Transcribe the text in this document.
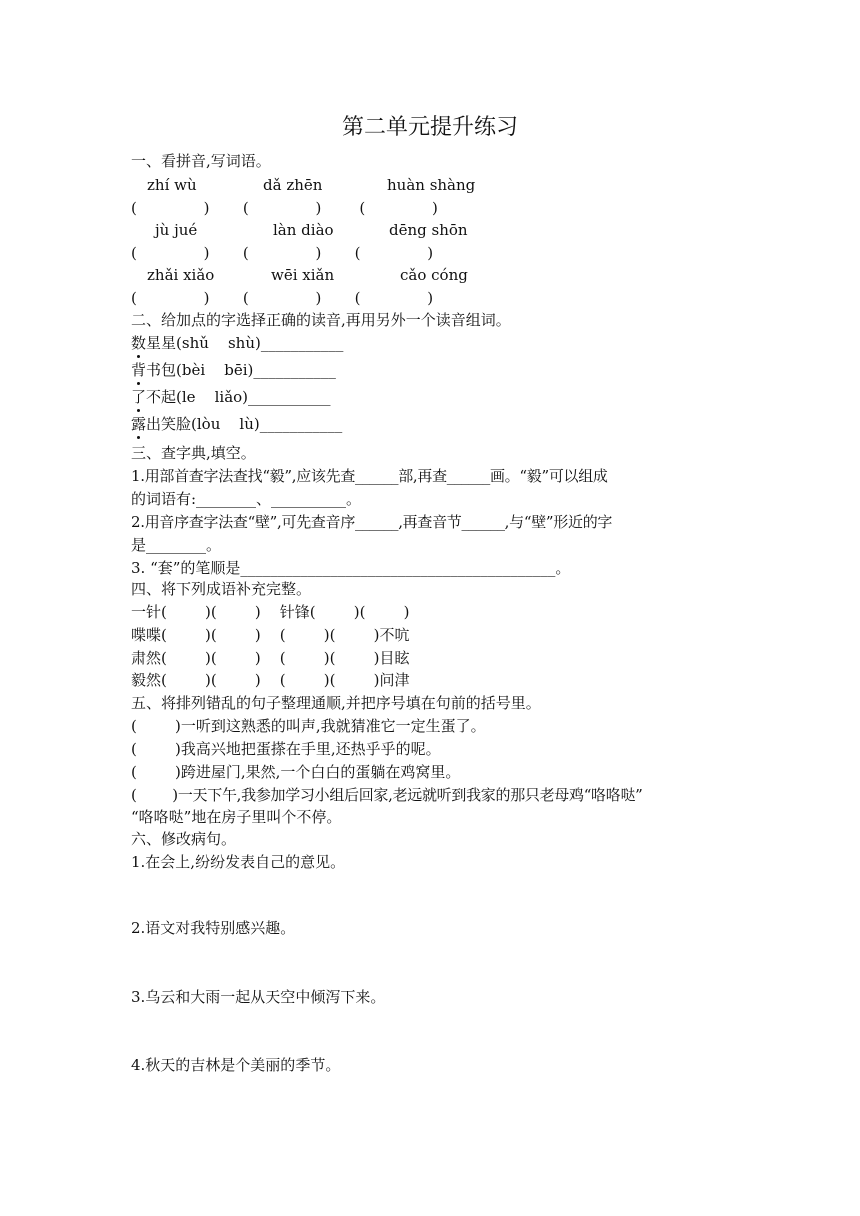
第二单元提升练习
一、看拼音,写词语。
zhí wù	dǎ zhēn	huàn shàng
(              )       (              )        (              )
jù jué	làn diào	dēng shōn
(              )       (              )       (              )
zhǎi xiǎo	wēi xiǎn	cǎo cóng
(              )       (              )       (              )
二、给加点的字选择正确的读音,再用另外一个读音组词。
数星星(shǔ    shù)___________
背书包(bèi    bēi)___________
了不起(le    liǎo)___________
露出笑脸(lòu    lù)___________
三、查字典,填空。
1.用部首查字法查找“毅”,应该先查______部,再查______画。“毅”可以组成
的词语有:________、__________。
2.用音序查字法查“壁”,可先查音序______,再查音节______,与“壁”形近的字
是________。
3. “套”的笔顺是__________________________________________。
四、将下列成语补充完整。
一针(        )(        )    针锋(        )(        )
喋喋(        )(        )    (        )(        )不吭
肃然(        )(        )    (        )(        )目眩
毅然(        )(        )    (        )(        )问津
五、将排列错乱的句子整理通顺,并把序号填在句前的括号里。
(        )一听到这熟悉的叫声,我就猜准它一定生蛋了。
(        )我高兴地把蛋搽在手里,还热乎乎的呢。
(        )跨进屋门,果然,一个白白的蛋躺在鸡窝里。
(        )一天下午,我参加学习小组后回家,老远就听到我家的那只老母鸡“咯咯哒”
“咯咯哒”地在房子里叫个不停。
六、修改病句。
1.在会上,纷纷发表自己的意见。
2.语文对我特别感兴趣。
3.乌云和大雨一起从天空中倾泻下来。
4.秋天的吉林是个美丽的季节。
